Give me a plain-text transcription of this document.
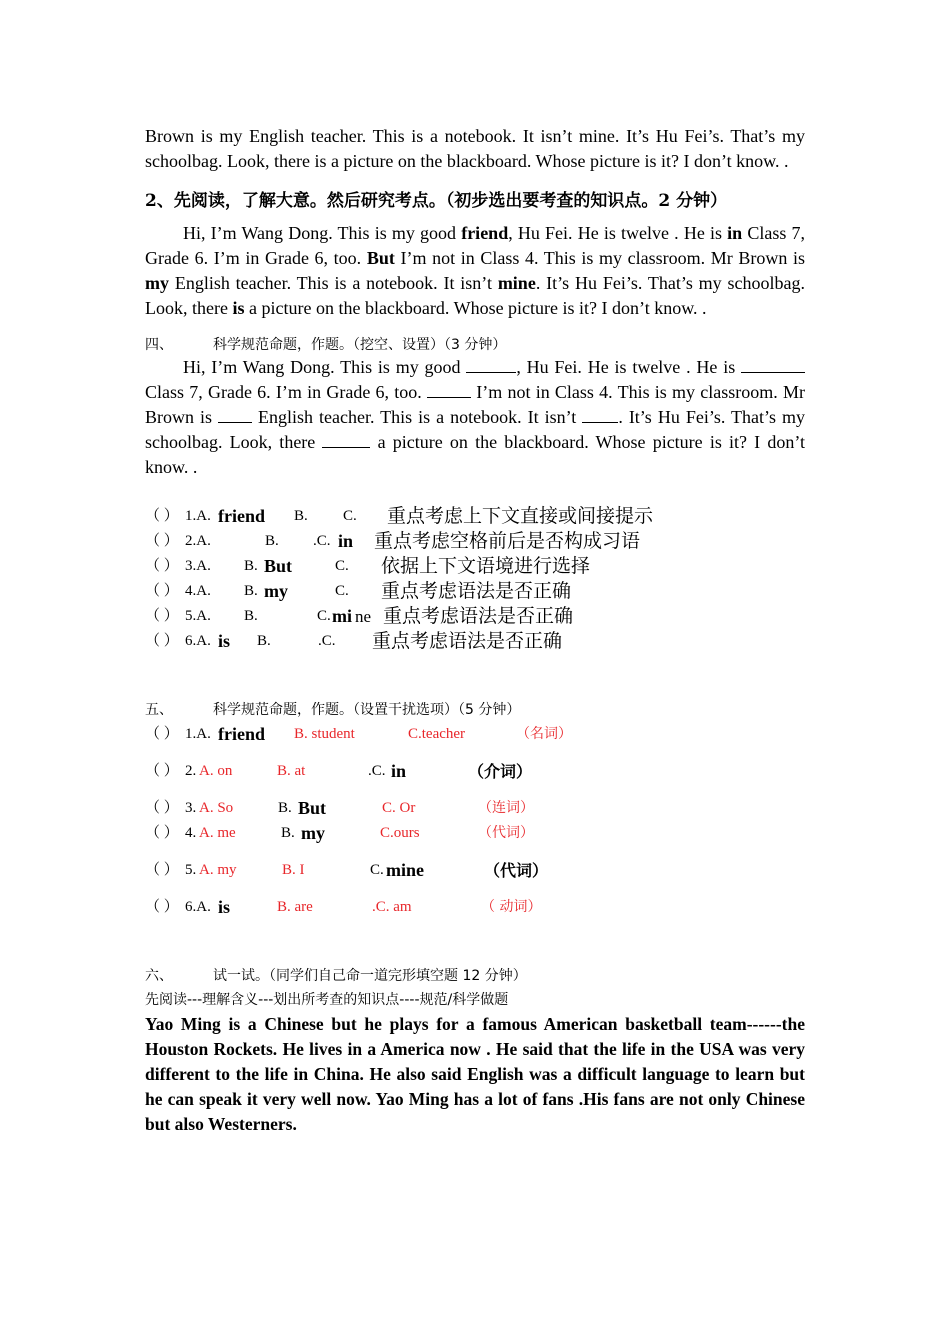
Brown is my English teacher. This is a notebook. It isn’t mine. It’s Hu Fei’s. That’s my schoolbag. Look, there is a picture on the blackboard. Whose picture is it? I don’t know. .

2、先阅读，了解大意。然后研究考点。（初步选出要考查的知识点。2 分钟）

Hi, I’m Wang Dong. This is my good friend, Hu Fei. He is twelve . He is in Class 7, Grade 6. I’m in Grade 6, too. But I’m not in Class 4. This is my classroom. Mr Brown is my English teacher. This is a notebook. It isn’t mine. It’s Hu Fei’s. That’s my schoolbag. Look, there is a picture on the blackboard. Whose picture is it? I don’t know. .

四、	科学规范命题，作题。（挖空、设置）（3 分钟）

Hi, I’m Wang Dong. This is my good	, Hu Fei. He is twelve . He is Class 7, Grade 6. I’m in Grade 6, too.  I’m not in Class 4. This is my classroom. Mr Brown is  English teacher. This is a notebook. It isn’t . It’s Hu Fei’s. That’s my schoolbag. Look, there	a picture on the blackboard. Whose picture is it? I don’t know. .

（ ） 1.A. friend B. C. 重点考虑上下文直接或间接提示
（ ） 2.A.	B. .C. in 重点考虑空格前后是否构成习语
（ ） 3.A. B. But	C. 依据上下文语境进行选择
（ ） 4.A. B. my	C. 重点考虑语法是否正确
（ ） 5.A. B.	C. mi ne 重点考虑语法是否正确
（ ） 6.A. is B.	.C. 重点考虑语法是否正确

五、	科学规范命题，作题。（设置干扰选项）（5 分钟）

（ ） 1.A. friend B. student	C.teacher	（名词）
（ ） 2. A. on	B. at	.C. in	（介词）
（ ） 3. A. So	B. But	C. Or	（连词）
（ ） 4. A. me	B. my	C.ours	（代词）
（ ） 5. A. my	B. I	C. mine	（代词）
（ ） 6.A. is	B. are	.C. am	（ 动词）

六、	试一试。（同学们自己命一道完形填空题 12 分钟）

先阅读---理解含义---划出所考查的知识点----规范/科学做题

Yao Ming is a Chinese but he plays for a famous American basketball team------the Houston Rockets. He lives in a America now . He said that the life in the USA was very different to the life in China. He also said English was a difficult language to learn but he can speak it very well now. Yao Ming has a lot of fans .His fans are not only Chinese but also Westerners.
